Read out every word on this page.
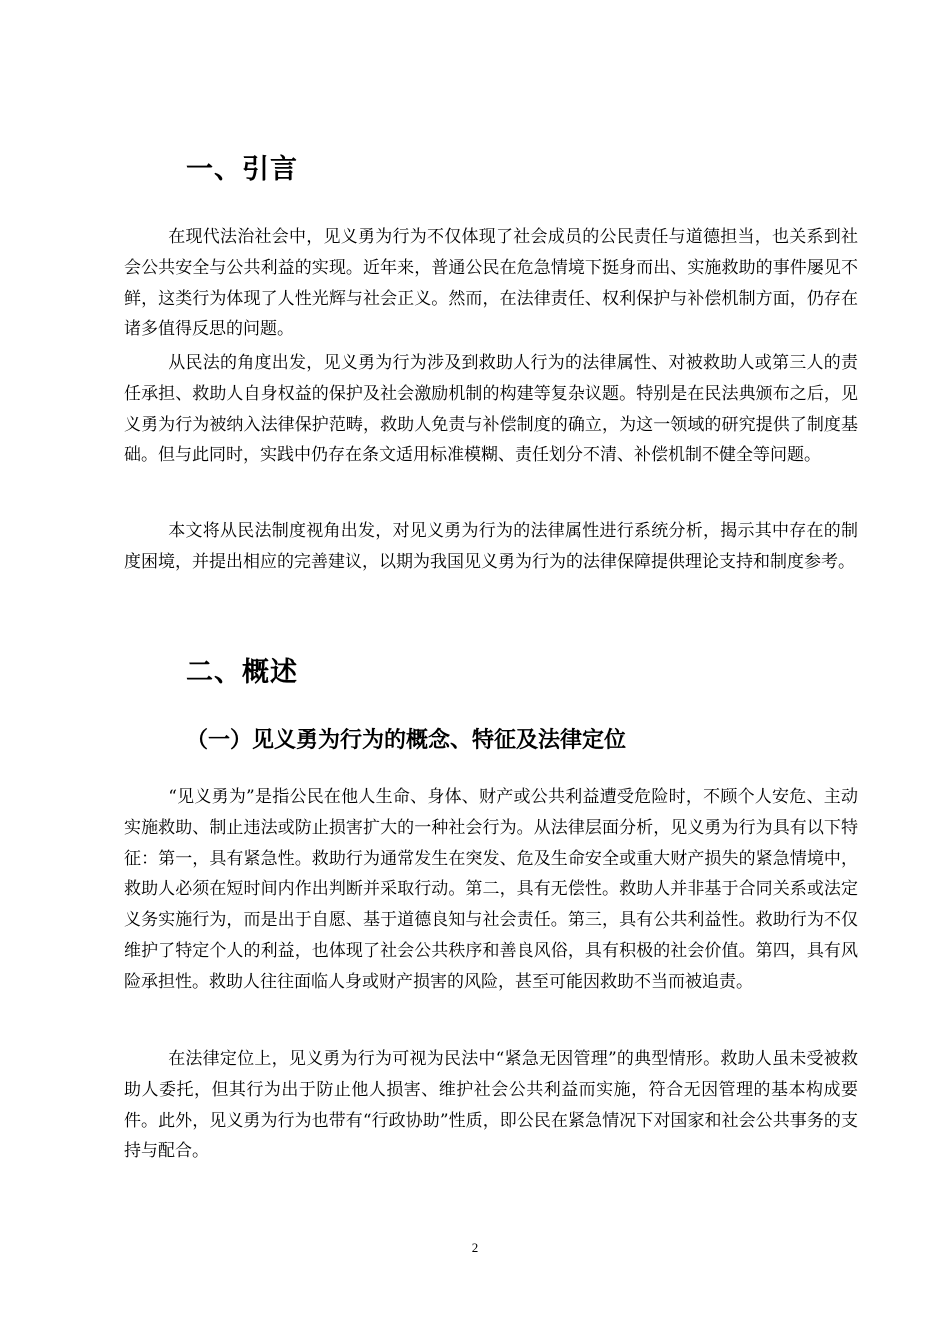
一、引言

在现代法治社会中，见义勇为行为不仅体现了社会成员的公民责任与道德担当，也关系到社会公共安全与公共利益的实现。近年来，普通公民在危急情境下挺身而出、实施救助的事件屡见不鲜，这类行为体现了人性光辉与社会正义。然而，在法律责任、权利保护与补偿机制方面，仍存在诸多值得反思的问题。

从民法的角度出发，见义勇为行为涉及到救助人行为的法律属性、对被救助人或第三人的责任承担、救助人自身权益的保护及社会激励机制的构建等复杂议题。特别是在民法典颁布之后，见义勇为行为被纳入法律保护范畴，救助人免责与补偿制度的确立，为这一领域的研究提供了制度基础。但与此同时，实践中仍存在条文适用标准模糊、责任划分不清、补偿机制不健全等问题。

本文将从民法制度视角出发，对见义勇为行为的法律属性进行系统分析，揭示其中存在的制度困境，并提出相应的完善建议，以期为我国见义勇为行为的法律保障提供理论支持和制度参考。

二、概述
（一）见义勇为行为的概念、特征及法律定位

“见义勇为”是指公民在他人生命、身体、财产或公共利益遭受危险时，不顾个人安危、主动实施救助、制止违法或防止损害扩大的一种社会行为。从法律层面分析，见义勇为行为具有以下特征：第一，具有紧急性。救助行为通常发生在突发、危及生命安全或重大财产损失的紧急情境中，救助人必须在短时间内作出判断并采取行动。第二，具有无偿性。救助人并非基于合同关系或法定义务实施行为，而是出于自愿、基于道德良知与社会责任。第三，具有公共利益性。救助行为不仅维护了特定个人的利益，也体现了社会公共秩序和善良风俗，具有积极的社会价值。第四，具有风险承担性。救助人往往面临人身或财产损害的风险，甚至可能因救助不当而被追责。

在法律定位上，见义勇为行为可视为民法中“紧急无因管理”的典型情形。救助人虽未受被救助人委托，但其行为出于防止他人损害、维护社会公共利益而实施，符合无因管理的基本构成要件。此外，见义勇为行为也带有“行政协助”性质，即公民在紧急情况下对国家和社会公共事务的支持与配合。

2
